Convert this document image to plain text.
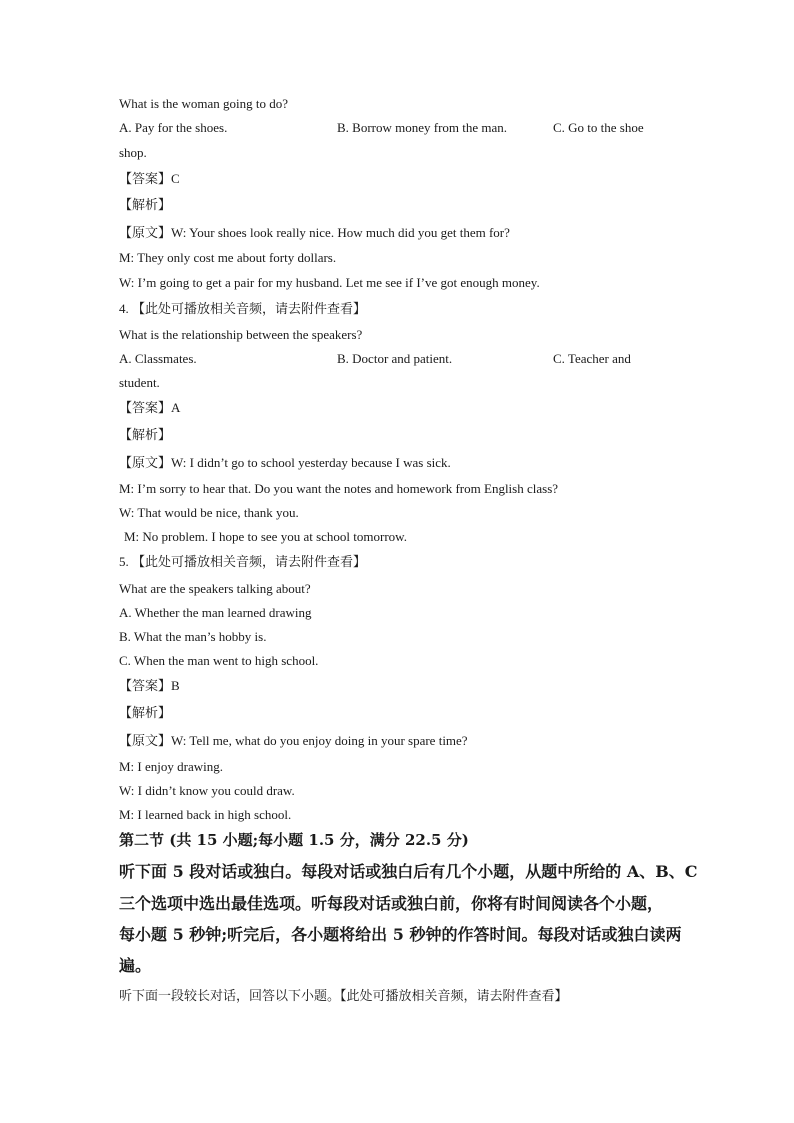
What is the woman going to do?
A. Pay for the shoes.	B. Borrow money from the man.	C. Go to the shoe
shop.
【答案】C
【解析】
【原文】W: Your shoes look really nice. How much did you get them for?
M: They only cost me about forty dollars.
W: I’m going to get a pair for my husband. Let me see if I’ve got enough money.
4. 【此处可播放相关音频，请去附件查看】
What is the relationship between the speakers?
A. Classmates.	B. Doctor and patient.	C. Teacher and
student.
【答案】A
【解析】
【原文】W: I didn’t go to school yesterday because I was sick.
M: I’m sorry to hear that. Do you want the notes and homework from English class?
W: That would be nice, thank you.
M: No problem. I hope to see you at school tomorrow.
5. 【此处可播放相关音频，请去附件查看】
What are the speakers talking about?
A. Whether the man learned drawing
B. What the man’s hobby is.
C. When the man went to high school.
【答案】B
【解析】
【原文】W: Tell me, what do you enjoy doing in your spare time?
M: I enjoy drawing.
W: I didn’t know you could draw.
M: I learned back in high school.
第二节 (共 15 小题;每小题 1.5 分，满分 22.5 分)
听下面 5 段对话或独白。每段对话或独白后有几个小题，从题中所给的 A、B、C
三个选项中选出最佳选项。听每段对话或独白前，你将有时间阅读各个小题，
每小题 5 秒钟;听完后，各小题将给出 5 秒钟的作答时间。每段对话或独白读两
遍。
听下面一段较长对话，回答以下小题。【此处可播放相关音频，请去附件查看】
